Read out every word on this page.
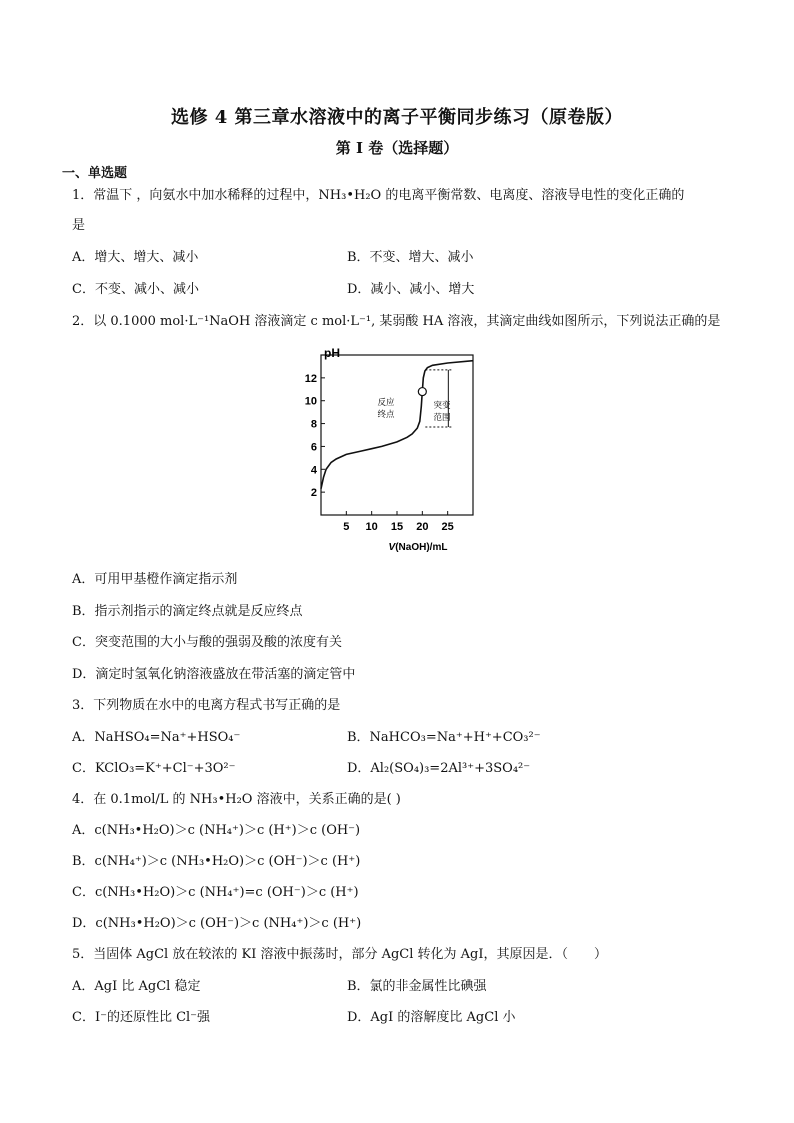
选修 4 第三章水溶液中的离子平衡同步练习（原卷版）
第 I 卷（选择题）
一、单选题
1．常温下 ，向氨水中加水稀释的过程中，NH₃•H₂O 的电离平衡常数、电离度、溶液导电性的变化正确的
是
A．增大、增大、减小	B．不变、增大、减小
C．不变、减小、减小	D．减小、减小、增大
2．以 0.1000 mol·L⁻¹NaOH 溶液滴定 c mol·L⁻¹, 某弱酸 HA 溶液，其滴定曲线如图所示，下列说法正确的是
pH
2
4
6
8
10
12
5 10 15 20 25
反应
终点
突变
范围
V(NaOH)/mL
A．可用甲基橙作滴定指示剂
B．指示剂指示的滴定终点就是反应终点
C．突变范围的大小与酸的强弱及酸的浓度有关
D．滴定时氢氧化钠溶液盛放在带活塞的滴定管中
3．下列物质在水中的电离方程式书写正确的是
A．NaHSO₄=Na⁺+HSO₄⁻	B．NaHCO₃=Na⁺+H⁺+CO₃²⁻
C．KClO₃=K⁺+Cl⁻+3O²⁻	D．Al₂(SO₄)₃=2Al³⁺+3SO₄²⁻
4．在 0.1mol/L 的 NH₃•H₂O 溶液中，关系正确的是( )
A．c(NH₃•H₂O)＞c (NH₄⁺)＞c (H⁺)＞c (OH⁻)
B．c(NH₄⁺)＞c (NH₃•H₂O)＞c (OH⁻)＞c (H⁺)
C．c(NH₃•H₂O)＞c (NH₄⁺)=c (OH⁻)＞c (H⁺)
D．c(NH₃•H₂O)＞c (OH⁻)＞c (NH₄⁺)＞c (H⁺)
5．当固体 AgCl 放在较浓的 KI 溶液中振荡时，部分 AgCl 转化为 AgI，其原因是．（　　）
A．AgI 比 AgCl 稳定	B．氯的非金属性比碘强
C．I⁻的还原性比 Cl⁻强	D．AgI 的溶解度比 AgCl 小
